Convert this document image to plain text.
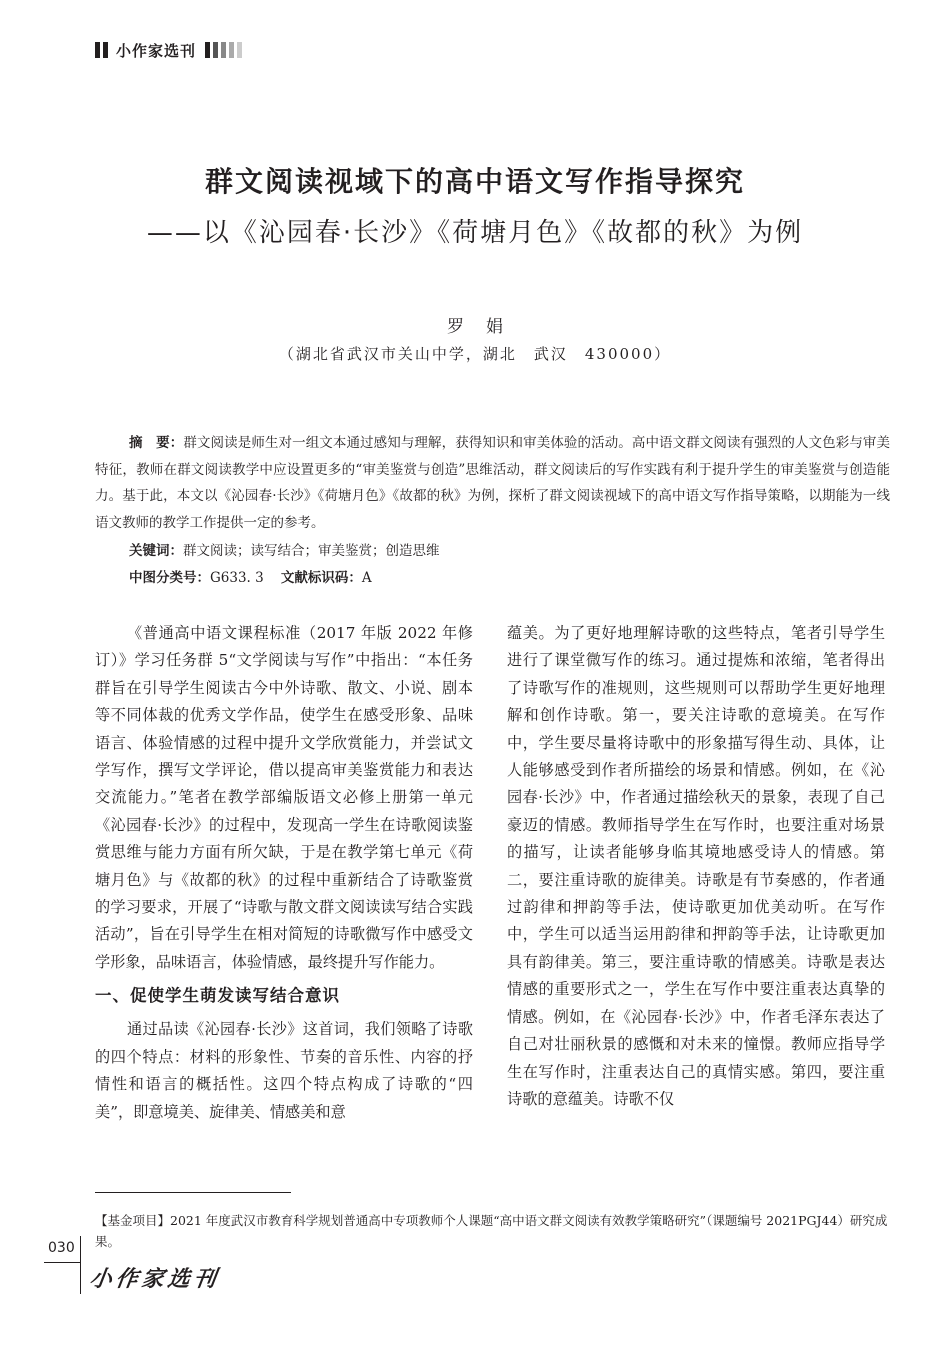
小作家选刊
群文阅读视域下的高中语文写作指导探究
——以《沁园春·长沙》《荷塘月色》《故都的秋》为例
罗娟
（湖北省武汉市关山中学，湖北　武汉　430000）

摘　要：群文阅读是师生对一组文本通过感知与理解，获得知识和审美体验的活动。高中语文群文阅读有强烈的人文色彩与审美特征，教师在群文阅读教学中应设置更多的“审美鉴赏与创造”思维活动，群文阅读后的写作实践有利于提升学生的审美鉴赏与创造能力。基于此，本文以《沁园春·长沙》《荷塘月色》《故都的秋》为例，探析了群文阅读视域下的高中语文写作指导策略，以期能为一线语文教师的教学工作提供一定的参考。

关键词：群文阅读；读写结合；审美鉴赏；创造思维
中图分类号：G633. 3 文献标识码：A

《普通高中语文课程标准（2017 年版 2022 年修订）》学习任务群 5“文学阅读与写作”中指出：“本任务群旨在引导学生阅读古今中外诗歌、散文、小说、剧本等不同体裁的优秀文学作品，使学生在感受形象、品味语言、体验情感的过程中提升文学欣赏能力，并尝试文学写作，撰写文学评论，借以提高审美鉴赏能力和表达交流能力。”笔者在教学部编版语文必修上册第一单元《沁园春·长沙》的过程中，发现高一学生在诗歌阅读鉴赏思维与能力方面有所欠缺，于是在教学第七单元《荷塘月色》与《故都的秋》的过程中重新结合了诗歌鉴赏的学习要求，开展了“诗歌与散文群文阅读读写结合实践活动”，旨在引导学生在相对简短的诗歌微写作中感受文学形象，品味语言，体验情感，最终提升写作能力。

一、促使学生萌发读写结合意识

通过品读《沁园春·长沙》这首词，我们领略了诗歌的四个特点：材料的形象性、节奏的音乐性、内容的抒情性和语言的概括性。这四个特点构成了诗歌的“四美”，即意境美、旋律美、情感美和意

蕴美。为了更好地理解诗歌的这些特点，笔者引导学生进行了课堂微写作的练习。通过提炼和浓缩，笔者得出了诗歌写作的准规则，这些规则可以帮助学生更好地理解和创作诗歌。第一，要关注诗歌的意境美。在写作中，学生要尽量将诗歌中的形象描写得生动、具体，让人能够感受到作者所描绘的场景和情感。例如，在《沁园春·长沙》中，作者通过描绘秋天的景象，表现了自己豪迈的情感。教师指导学生在写作时，也要注重对场景的描写，让读者能够身临其境地感受诗人的情感。第二，要注重诗歌的旋律美。诗歌是有节奏感的，作者通过韵律和押韵等手法，使诗歌更加优美动听。在写作中，学生可以适当运用韵律和押韵等手法，让诗歌更加具有韵律美。第三，要注重诗歌的情感美。诗歌是表达情感的重要形式之一，学生在写作中要注重表达真挚的情感。例如，在《沁园春·长沙》中，作者毛泽东表达了自己对壮丽秋景的感慨和对未来的憧憬。教师应指导学生在写作时，注重表达自己的真情实感。第四，要注重诗歌的意蕴美。诗歌不仅

【基金项目】2021 年度武汉市教育科学规划普通高中专项教师个人课题“高中语文群文阅读有效教学策略研究”（课题编号 2021PGJ44）研究成果。
030
小作家选刊
